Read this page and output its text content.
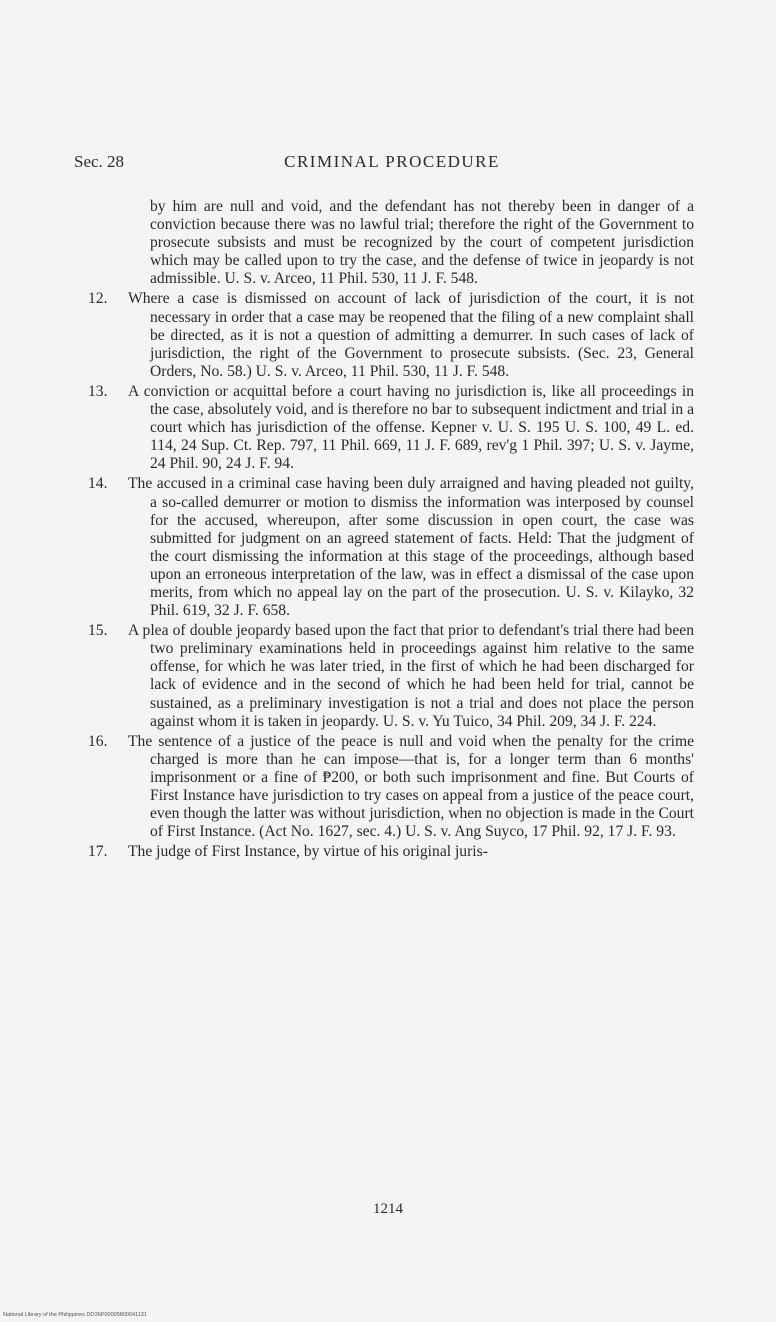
Sec. 28	CRIMINAL PROCEDURE

by him are null and void, and the defendant has not thereby been in danger of a conviction because there was no lawful trial; therefore the right of the Government to prosecute subsists and must be recognized by the court of competent jurisdiction which may be called upon to try the case, and the defense of twice in jeopardy is not admissible. U. S. v. Arceo, 11 Phil. 530, 11 J. F. 548.

12. Where a case is dismissed on account of lack of jurisdiction of the court, it is not necessary in order that a case may be reopened that the filing of a new complaint shall be directed, as it is not a question of admitting a demurrer. In such cases of lack of jurisdiction, the right of the Government to prosecute subsists. (Sec. 23, General Orders, No. 58.) U. S. v. Arceo, 11 Phil. 530, 11 J. F. 548.

13. A conviction or acquittal before a court having no jurisdiction is, like all proceedings in the case, absolutely void, and is therefore no bar to subsequent indictment and trial in a court which has jurisdiction of the offense. Kepner v. U. S. 195 U. S. 100, 49 L. ed. 114, 24 Sup. Ct. Rep. 797, 11 Phil. 669, 11 J. F. 689, rev'g 1 Phil. 397; U. S. v. Jayme, 24 Phil. 90, 24 J. F. 94.

14. The accused in a criminal case having been duly arraigned and having pleaded not guilty, a so-called demurrer or motion to dismiss the information was interposed by counsel for the accused, whereupon, after some discussion in open court, the case was submitted for judgment on an agreed statement of facts. Held: That the judgment of the court dismissing the information at this stage of the proceedings, although based upon an erroneous interpretation of the law, was in effect a dismissal of the case upon merits, from which no appeal lay on the part of the prosecution. U. S. v. Kilayko, 32 Phil. 619, 32 J. F. 658.

15. A plea of double jeopardy based upon the fact that prior to defendant's trial there had been two preliminary examinations held in proceedings against him relative to the same offense, for which he was later tried, in the first of which he had been discharged for lack of evidence and in the second of which he had been held for trial, cannot be sustained, as a preliminary investigation is not a trial and does not place the person against whom it is taken in jeopardy. U. S. v. Yu Tuico, 34 Phil. 209, 34 J. F. 224.

16. The sentence of a justice of the peace is null and void when the penalty for the crime charged is more than he can impose—that is, for a longer term than 6 months' imprisonment or a fine of ₱200, or both such imprisonment and fine. But Courts of First Instance have jurisdiction to try cases on appeal from a justice of the peace court, even though the latter was without jurisdiction, when no objection is made in the Court of First Instance. (Act No. 1627, sec. 4.) U. S. v. Ang Suyco, 17 Phil. 92, 17 J. F. 93.

17. The judge of First Instance, by virtue of his original juris-

1214
National Library of the Philippines DO36P00005800041131
